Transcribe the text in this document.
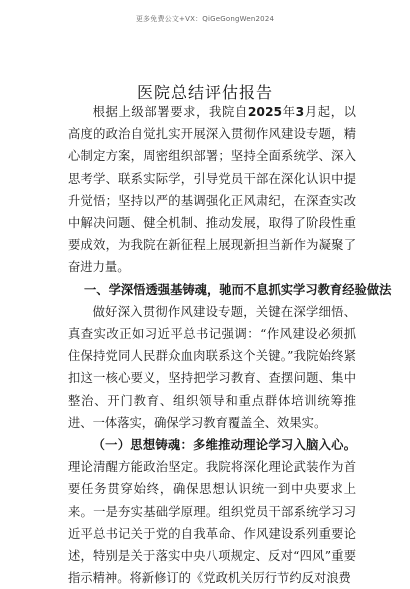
更多免费公文+VX：QiGeGongWen2024
医院总结评估报告

根据上级部署要求，我院自2025年3月起，以高度的政治自觉扎实开展深入贯彻作风建设专题，精心制定方案，周密组织部署；坚持全面系统学、深入思考学、联系实际学，引导党员干部在深化认识中提升觉悟；坚持以严的基调强化正风肃纪，在深查实改中解决问题、健全机制、推动发展，取得了阶段性重要成效，为我院在新征程上展现新担当新作为凝聚了奋进力量。

一、学深悟透强基铸魂，驰而不息抓实学习教育经验做法

做好深入贯彻作风建设专题，关键在深学细悟、真查实改正如习近平总书记强调：“作风建设必须抓住保持党同人民群众血肉联系这个关键。”我院始终紧扣这一核心要义，坚持把学习教育、查摆问题、集中整治、开门教育、组织领导和重点群体培训统筹推进、一体落实，确保学习教育覆盖全、效果实。

（一）思想铸魂：多维推动理论学习入脑入心。理论清醒方能政治坚定。我院将深化理论武装作为首要任务贯穿始终，确保思想认识统一到中央要求上来。一是夯实基础学原理。组织党员干部系统学习习近平总书记关于党的自我革命、作风建设系列重要论述，特别是关于落实中央八项规定、反对“四风”重要指示精神。将新修订的《党政机关厉行节约反对浪费
